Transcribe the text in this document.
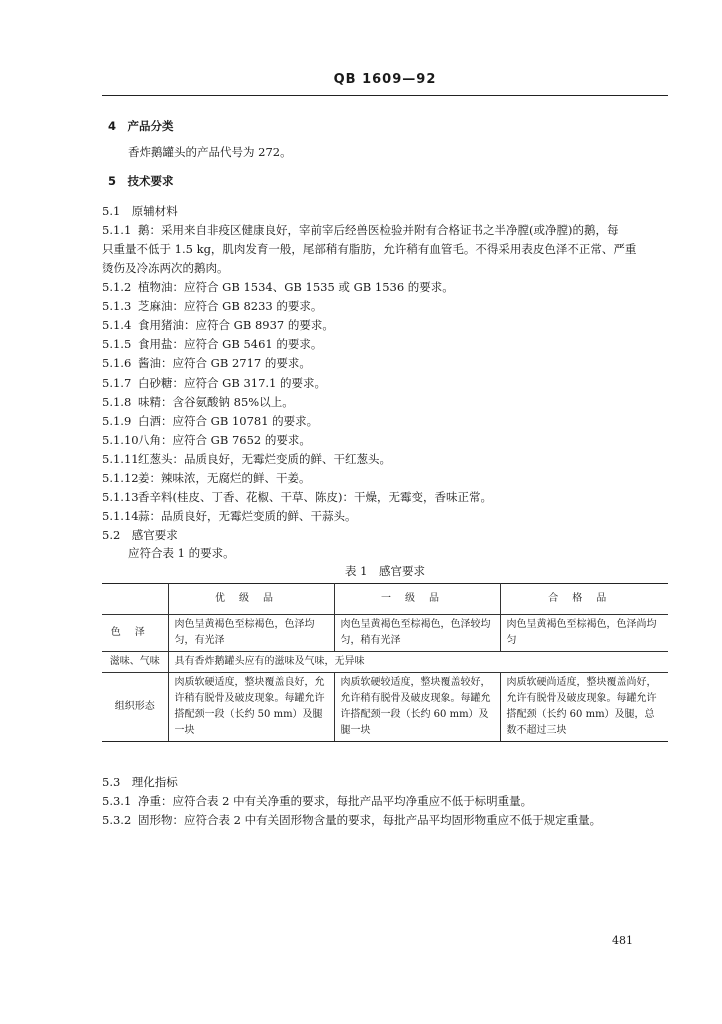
QB 1609—92
4　产品分类
香炸鹅罐头的产品代号为 272。
5　技术要求
5.1　原辅材料
5.1.1 鹅：采用来自非疫区健康良好，宰前宰后经兽医检验并附有合格证书之半净膛(或净膛)的鹅，每
只重量不低于 1.5 kg，肌肉发育一般，尾部稍有脂肪，允许稍有血管毛。不得采用表皮色泽不正常、严重
烫伤及冷冻两次的鹅肉。
5.1.2 植物油：应符合 GB 1534、GB 1535 或 GB 1536 的要求。
5.1.3 芝麻油：应符合 GB 8233 的要求。
5.1.4 食用猪油：应符合 GB 8937 的要求。
5.1.5 食用盐：应符合 GB 5461 的要求。
5.1.6 酱油：应符合 GB 2717 的要求。
5.1.7 白砂糖：应符合 GB 317.1 的要求。
5.1.8 味精：含谷氨酸钠 85%以上。
5.1.9 白酒：应符合 GB 10781 的要求。
5.1.10八角：应符合 GB 7652 的要求。
5.1.11红葱头：品质良好，无霉烂变质的鲜、干红葱头。
5.1.12姜：辣味浓，无腐烂的鲜、干姜。
5.1.13香辛料(桂皮、丁香、花椒、干草、陈皮)：干燥，无霉变，香味正常。
5.1.14蒜：品质良好，无霉烂变质的鲜、干蒜头。
5.2　感官要求
应符合表 1 的要求。
表 1　感官要求
	优级品	一级品	合格品
色泽	肉色呈黄褐色至棕褐色，色泽均匀，有光泽	肉色呈黄褐色至棕褐色，色泽较均匀，稍有光泽	肉色呈黄褐色至棕褐色，色泽尚均匀
滋味、气味	具有香炸鹅罐头应有的滋味及气味，无异味		
组织形态	肉质软硬适度，整块覆盖良好，允许稍有脱骨及破皮现象。每罐允许搭配颈一段（长约 50 mm）及腿一块	肉质软硬较适度，整块覆盖较好，允许稍有脱骨及破皮现象。每罐允许搭配颈一段（长约 60 mm）及腿一块	肉质软硬尚适度，整块覆盖尚好，允许有脱骨及破皮现象。每罐允许搭配颈（长约 60 mm）及腿，总数不超过三块
5.3　理化指标
5.3.1 净重：应符合表 2 中有关净重的要求，每批产品平均净重应不低于标明重量。
5.3.2 固形物：应符合表 2 中有关固形物含量的要求，每批产品平均固形物重应不低于规定重量。
481
